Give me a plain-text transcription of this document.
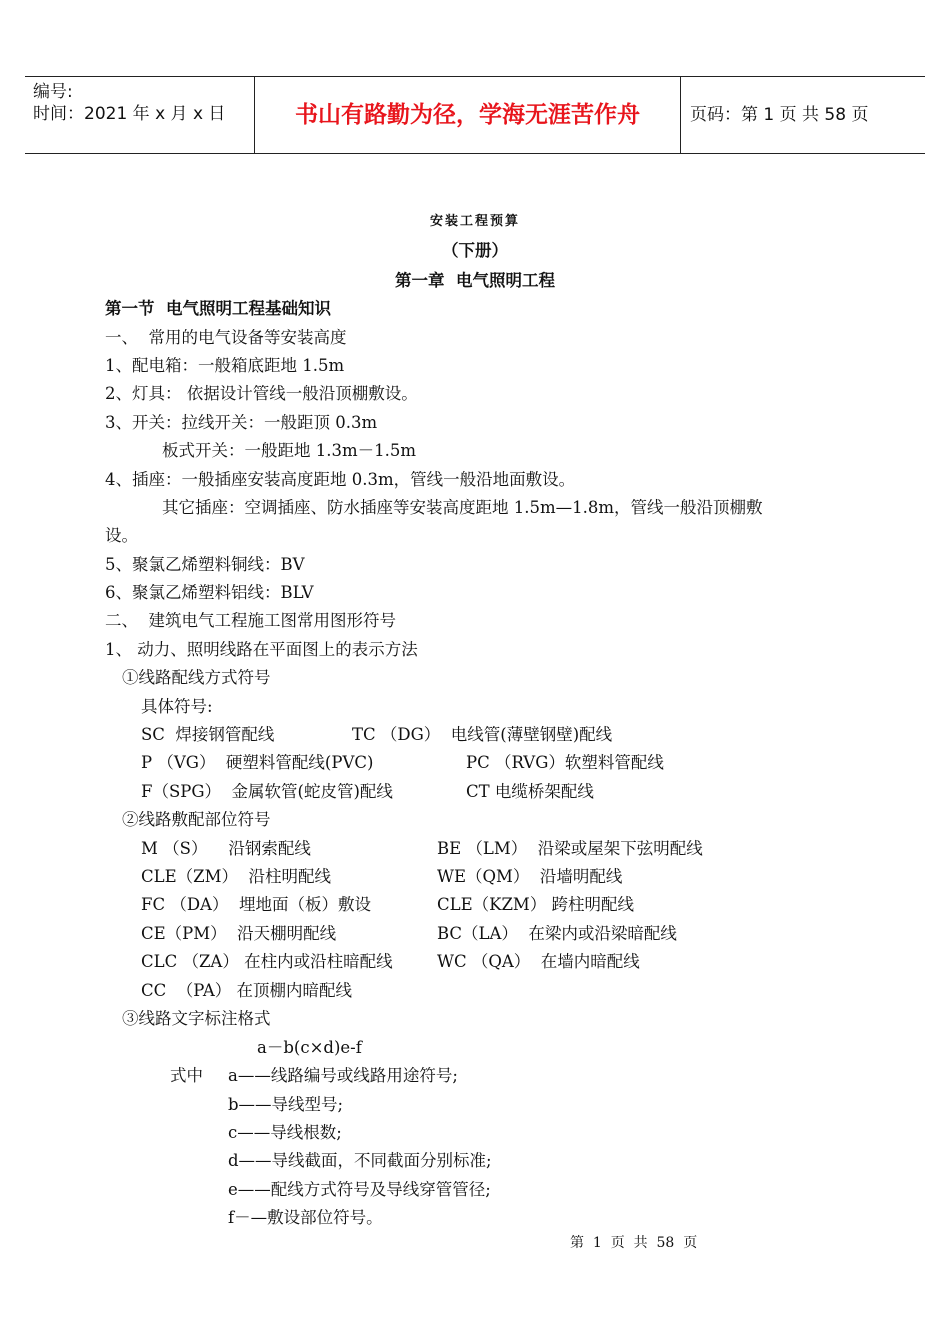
编号:
时间：2021 年 x 月 x 日	书山有路勤为径，学海无涯苦作舟	页码：第 1 页 共 58 页
安装工程预算
（下册）
第一章  电气照明工程
第一节  电气照明工程基础知识
一、  常用的电气设备等安装高度
1、配电箱：一般箱底距地 1.5m
2、灯具： 依据设计管线一般沿顶棚敷设。
3、开关：拉线开关：一般距顶 0.3m
板式开关：一般距地 1.3m－1.5m
4、插座：一般插座安装高度距地 0.3m，管线一般沿地面敷设。
其它插座：空调插座、防水插座等安装高度距地 1.5m—1.8m，管线一般沿顶棚敷
设。
5、聚氯乙烯塑料铜线：BV
6、聚氯乙烯塑料铝线：BLV
二、  建筑电气工程施工图常用图形符号
1、 动力、照明线路在平面图上的表示方法
①线路配线方式符号
具体符号:
SC  焊接钢管配线	TC （DG）  电线管(薄壁钢壁)配线
P （VG）  硬塑料管配线(PVC)	PC （RVG）软塑料管配线
F（SPG）  金属软管(蛇皮管)配线	CT 电缆桥架配线
②线路敷配部位符号
M （S）    沿钢索配线	BE （LM）  沿梁或屋架下弦明配线
CLE（ZM）  沿柱明配线	WE（QM）  沿墙明配线
FC （DA）  埋地面（板）敷设	CLE（KZM） 跨柱明配线
CE（PM）  沿天棚明配线	BC（LA）  在梁内或沿梁暗配线
CLC （ZA） 在柱内或沿柱暗配线	WC （QA）  在墙内暗配线
CC  （PA） 在顶棚内暗配线
③线路文字标注格式
a－b(c×d)e-f
式中 a——线路编号或线路用途符号;
b——导线型号;
c——导线根数;
d——导线截面，不同截面分别标准;
e——配线方式符号及导线穿管管径;
f－—敷设部位符号。
第  1  页  共  58  页
